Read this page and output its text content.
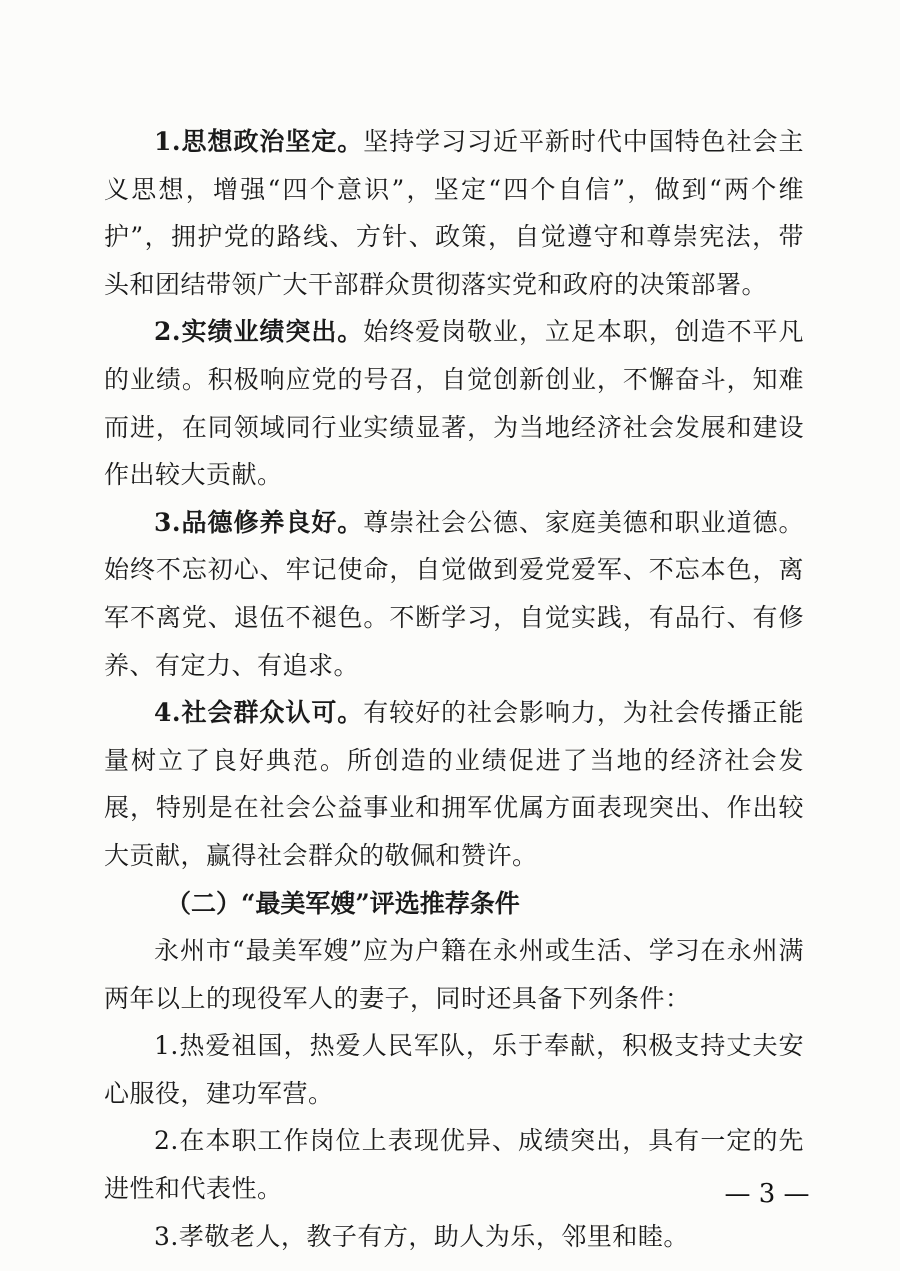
1.思想政治坚定。坚持学习习近平新时代中国特色社会主义思想，增强“四个意识”，坚定“四个自信”，做到“两个维护”，拥护党的路线、方针、政策，自觉遵守和尊崇宪法，带头和团结带领广大干部群众贯彻落实党和政府的决策部署。

2.实绩业绩突出。始终爱岗敬业，立足本职，创造不平凡的业绩。积极响应党的号召，自觉创新创业，不懈奋斗，知难而进，在同领域同行业实绩显著，为当地经济社会发展和建设作出较大贡献。

3.品德修养良好。尊崇社会公德、家庭美德和职业道德。始终不忘初心、牢记使命，自觉做到爱党爱军、不忘本色，离军不离党、退伍不褪色。不断学习，自觉实践，有品行、有修养、有定力、有追求。

4.社会群众认可。有较好的社会影响力，为社会传播正能量树立了良好典范。所创造的业绩促进了当地的经济社会发展，特别是在社会公益事业和拥军优属方面表现突出、作出较大贡献，赢得社会群众的敬佩和赞许。

（二）“最美军嫂”评选推荐条件

永州市“最美军嫂”应为户籍在永州或生活、学习在永州满两年以上的现役军人的妻子，同时还具备下列条件：

1.热爱祖国，热爱人民军队，乐于奉献，积极支持丈夫安心服役，建功军营。

2.在本职工作岗位上表现优异、成绩突出，具有一定的先进性和代表性。

3.孝敬老人，教子有方，助人为乐，邻里和睦。

— 3 —
